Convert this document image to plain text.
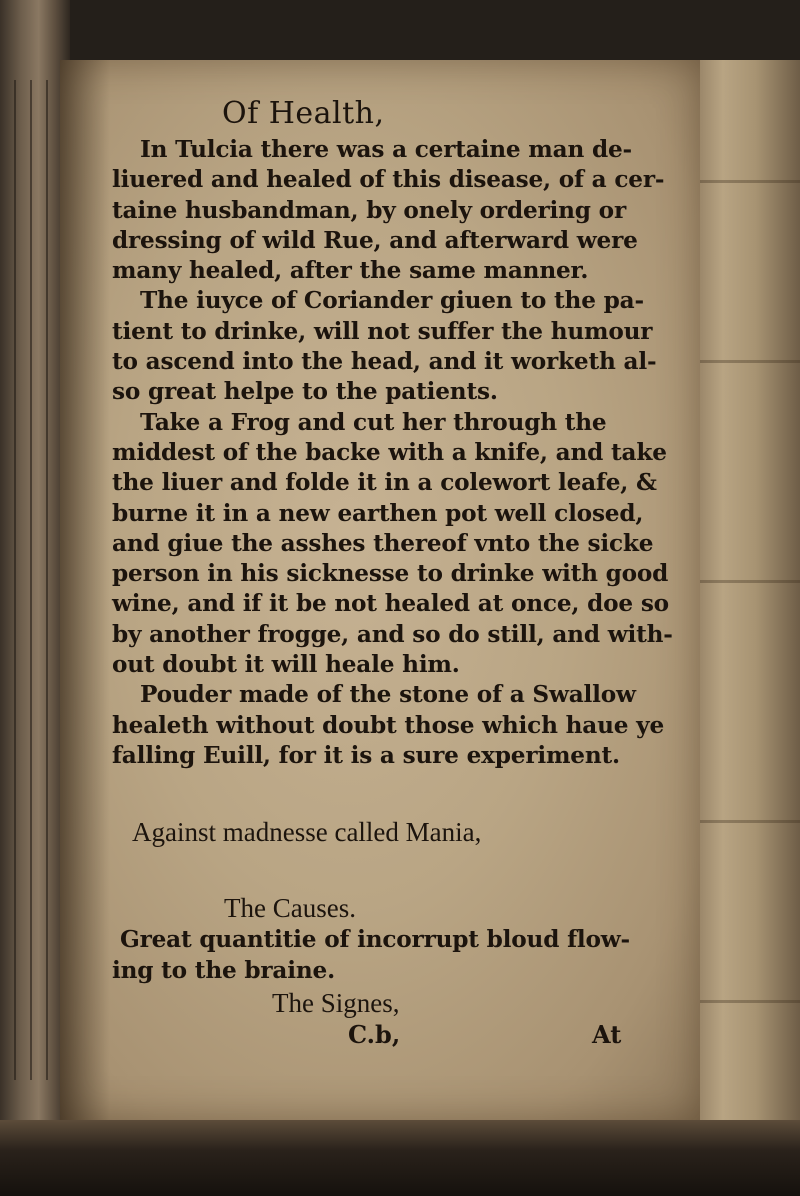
Of Health,
In Tulcia there was a certaine man de-
liuered and healed of this disease, of a cer-
taine husbandman, by onely ordering or
dressing of wild Rue, and afterward were
many healed, after the same manner.
The iuyce of Coriander giuen to the pa-
tient to drinke, will not suffer the humour
to ascend into the head, and it worketh al-
so great helpe to the patients.
Take a Frog and cut her through the
middest of the backe with a knife, and take
the liuer and folde it in a colewort leafe, &
burne it in a new earthen pot well closed,
and giue the asshes thereof vnto the sicke
person in his sicknesse to drinke with good
wine, and if it be not healed at once, doe so
by another frogge, and so do still, and with-
out doubt it will heale him.
Pouder made of the stone of a Swallow
healeth without doubt those which haue ye
falling Euill, for it is a sure experiment.
Against madnesse called Mania,
The Causes.
Great quantitie of incorrupt bloud flow-
ing to the braine.
The Signes,
C.b,	At
